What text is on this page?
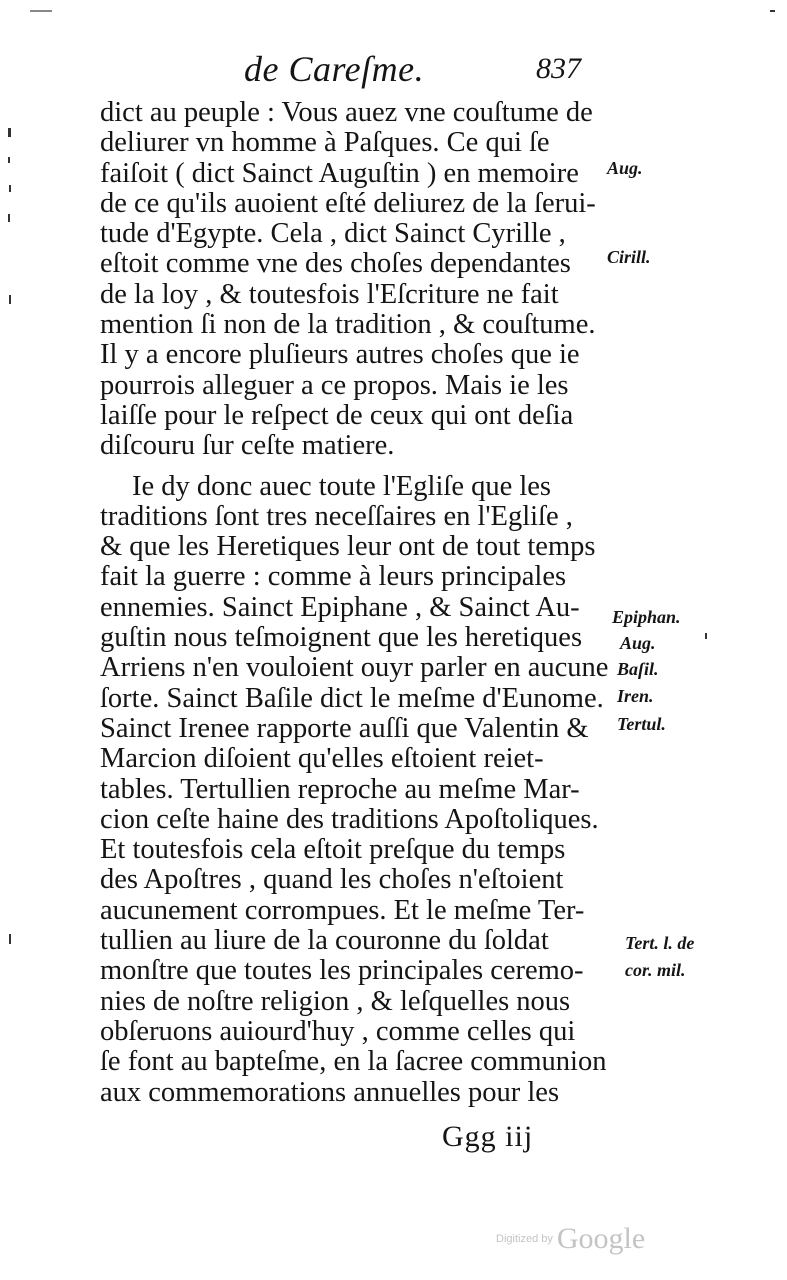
de Careſme.	837
dict au peuple : Vous auez vne couſtume de
deliurer vn homme à Paſques. Ce qui ſe
faiſoit ( dict Sainct Auguſtin ) en memoire
de ce qu'ils auoient eſté deliurez de la ſerui-
tude d'Egypte. Cela , dict Sainct Cyrille ,
eſtoit comme vne des choſes dependantes
de la loy , & toutesfois l'Eſcriture ne fait
mention ſi non de la tradition , & couſtume.
Il y a encore pluſieurs autres choſes que ie
pourrois alleguer a ce propos. Mais ie les
laiſſe pour le reſpect de ceux qui ont deſia
diſcouru ſur ceſte matiere.
Ie dy donc auec toute l'Egliſe que les
traditions ſont tres neceſſaires en l'Egliſe ,
& que les Heretiques leur ont de tout temps
fait la guerre : comme à leurs principales
ennemies. Sainct Epiphane , & Sainct Au-
guſtin nous teſmoignent que les heretiques
Arriens n'en vouloient ouyr parler en aucune
ſorte. Sainct Baſile dict le meſme d'Eunome.
Sainct Irenee rapporte auſſi que Valentin &
Marcion diſoient qu'elles eſtoient reiet-
tables. Tertullien reproche au meſme Mar-
cion ceſte haine des traditions Apoſtoliques.
Et toutesfois cela eſtoit preſque du temps
des Apoſtres , quand les choſes n'eſtoient
aucunement corrompues. Et le meſme Ter-
tullien au liure de la couronne du ſoldat
monſtre que toutes les principales ceremo-
nies de noſtre religion , & leſquelles nous
obſeruons auiourd'huy , comme celles qui
ſe font au bapteſme, en la ſacree communion
aux commemorations annuelles pour les
Aug.
Cirill.
Epiphan.
Aug.
Baſil.
Iren.
Tertul.
Tert. l. de
cor. mil.
Ggg iij
Digitized by Google
